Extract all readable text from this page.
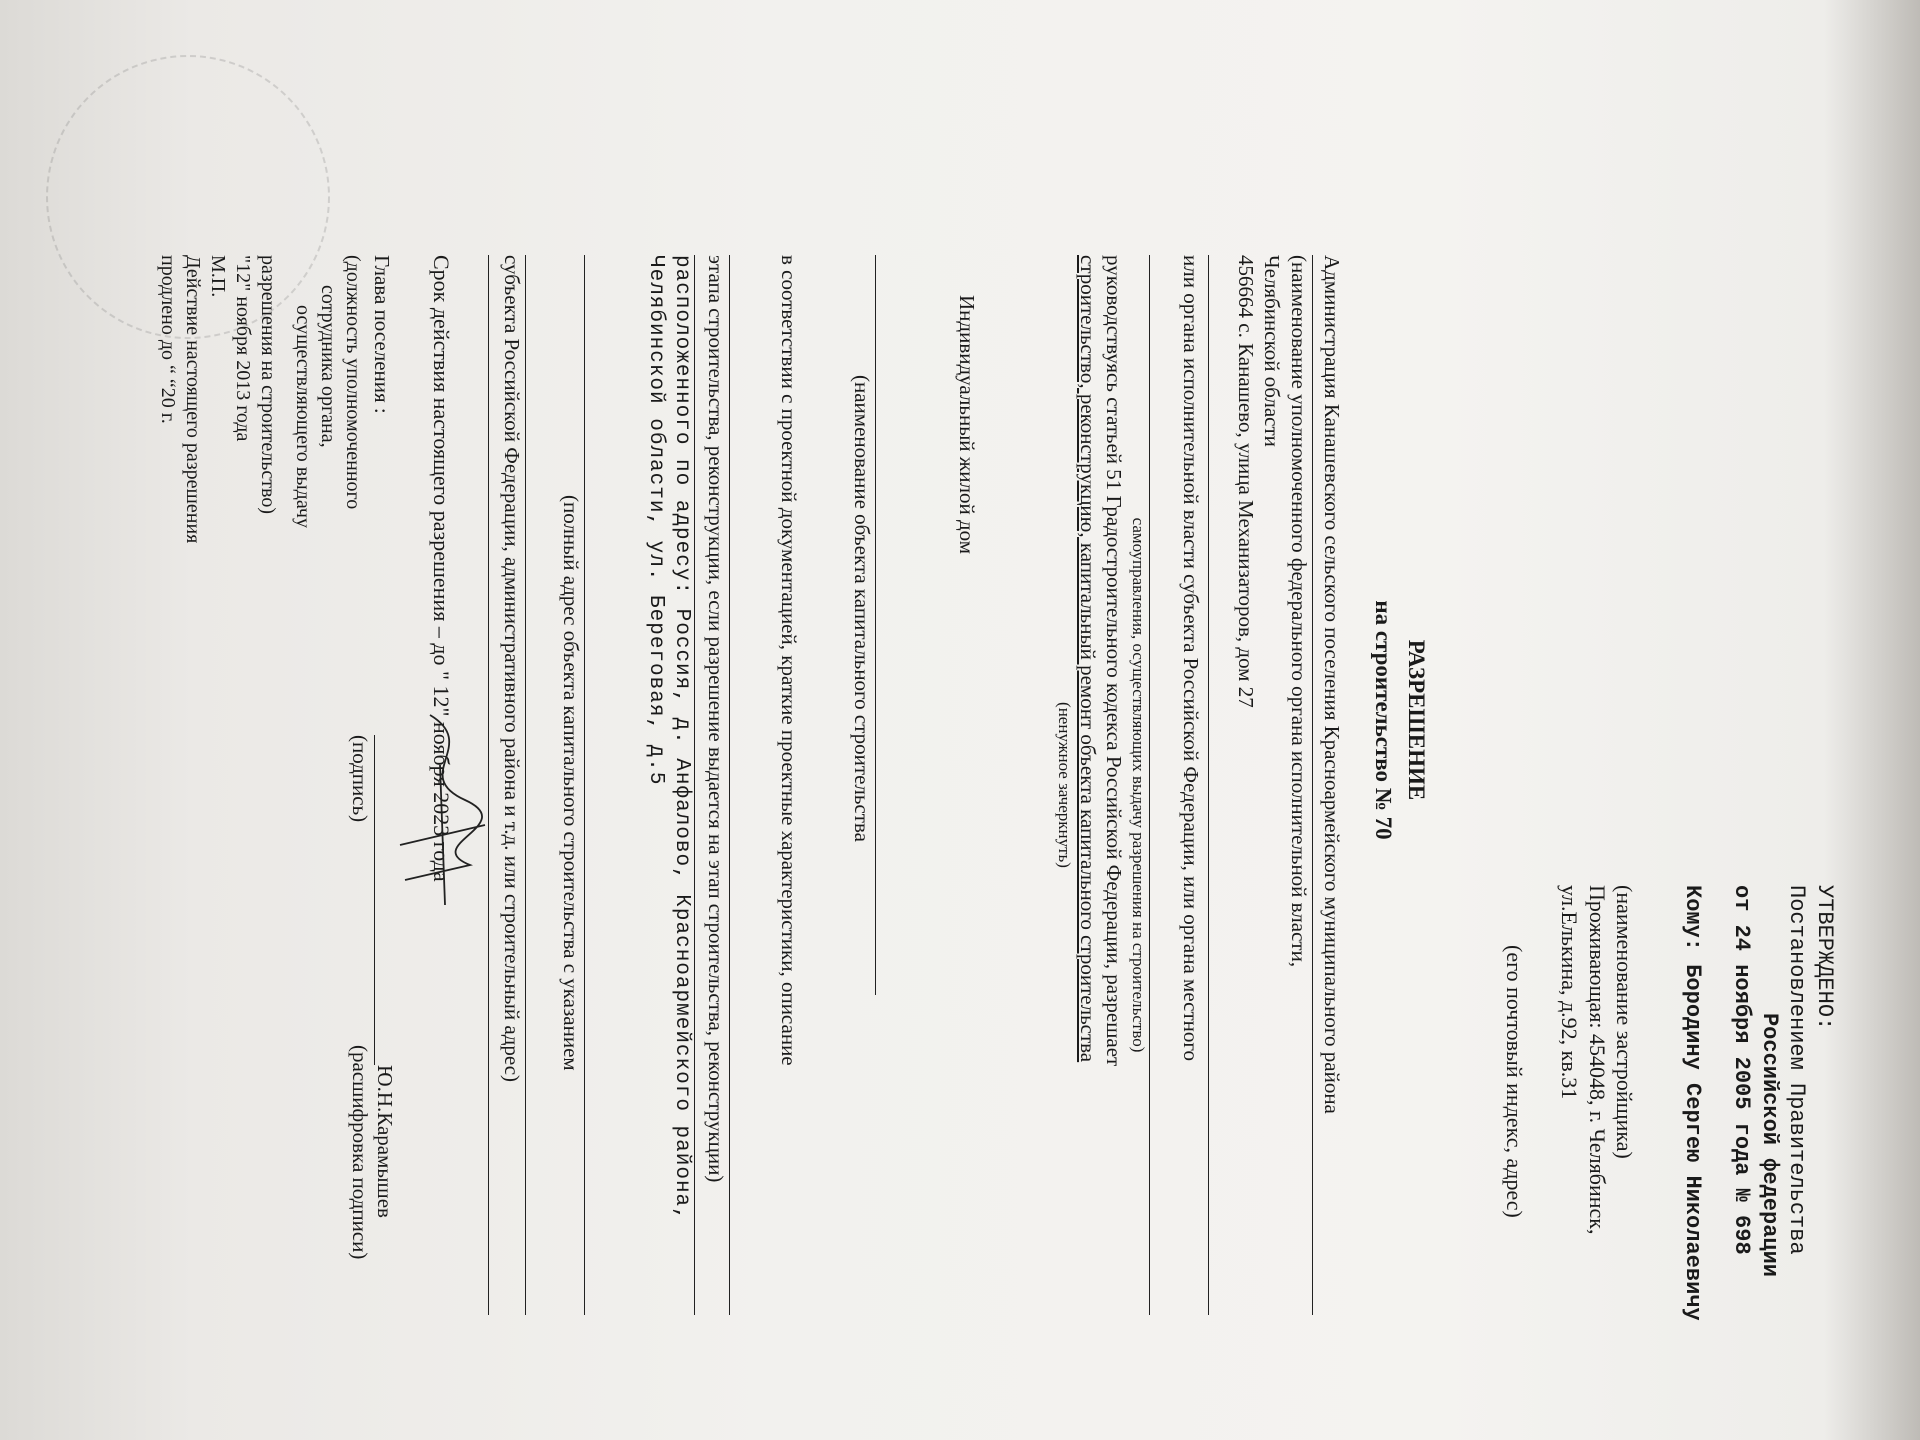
УТВЕРЖДЕНО:
Постановлением Правительства
Российской федерации
от 24 ноября 2005 года № 698
Кому: Бородину Сергею Николаевичу
(наименование застройщика)
Проживающая: 454048, г. Челябинск,
ул.Елькина, д.92, кв.31
(его почтовый индекс, адрес)
РАЗРЕШЕНИЕ
на строительство № 70
Администрация Канашевского сельского поселения Красноармейского муниципального района
(наименование уполномоченного федерального органа исполнительной власти,
Челябинской области
456664 с. Канашево, улица Механизаторов, дом 27
или органа исполнительной власти субъекта Российской Федерации, или органа местного
самоуправления, осуществляющих выдачу разрешения на строительство)
руководствуясь статьей 51 Градостроительного кодекса Российской Федерации, разрешает
строительство, реконструкцию, капитальный ремонт объекта капитального строительства
(ненужное зачеркнуть)
Индивидуальный жилой дом
(наименование объекта капитального строительства
в соответствии с проектной документацией, краткие проектные характеристики, описание
этапа строительства, реконструкции, если разрешение выдается на этап строительства, реконструкции)
расположенного по адресу: Россия, д. Анфалово, Красноармейского района,
Челябинской области, ул. Береговая, д.5
(полный адрес объекта капитального строительства с указанием
субъекта Российской Федерации, административного района и т.д. или строительный адрес)
Срок действия настоящего разрешения – до " 12" ноября 2023 года
Глава поселения :
(должность уполномоченного
сотрудника органа,
осуществляющего выдачу
(подпись)
Ю.Н.Карамышев
(расшифровка подписи)
разрешения на строительство)
"12" ноября 2013 года
М.П.
Действие настоящего разрешения
продлено до “ “20 г.
